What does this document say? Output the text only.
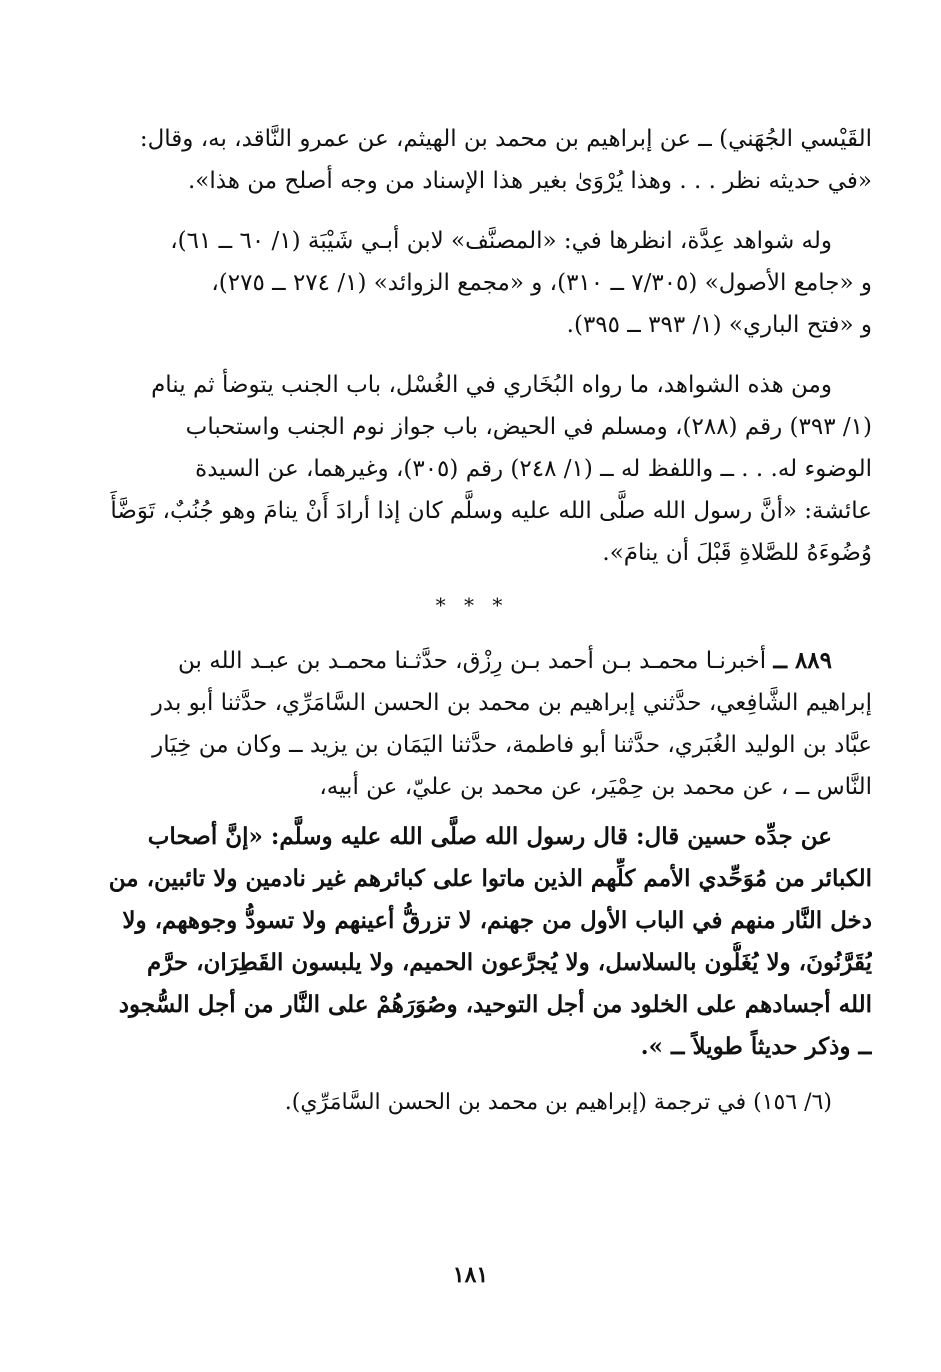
القَيْسي الجُهَني) ــ عن إبراهيم بن محمد بن الهيثم، عن عمرو النَّاقد، به، وقال:
«في حديثه نظر . . . وهذا يُرْوَىٰ بغير هذا الإسناد من وجه أصلح من هذا».
وله شواهد عِدَّة، انظرها في: «المصنَّف» لابن أبـي شَيْبَة (١/ ٦٠ ــ ٦١)،
و «جامع الأصول» (٧/٣٠٥ ــ ٣١٠)، و «مجمع الزوائد» (١/ ٢٧٤ ــ ٢٧٥)،
و «فتح الباري» (١/ ٣٩٣ ــ ٣٩٥).
ومن هذه الشواهد، ما رواه البُخَاري في الغُسْل، باب الجنب يتوضأ ثم ينام
(١/ ٣٩٣) رقم (٢٨٨)، ومسلم في الحيض، باب جواز نوم الجنب واستحباب
الوضوء له. . . ــ واللفظ له ــ (١/ ٢٤٨) رقم (٣٠٥)، وغيرهما، عن السيدة
عائشة: «أنَّ رسول الله صلَّى الله عليه وسلَّم كان إذا أرادَ أَنْ ينامَ وهو جُنُبٌ، تَوَضَّأَ
وُضُوءَهُ للصَّلاةِ قَبْلَ أن ينامَ».
* * *
٨٨٩ ــ أخبرنـا محمـد بـن أحمد بـن رِزْق، حدَّثـنا محمـد بن عبـد الله بن
إبراهيم الشَّافِعي، حدَّثني إبراهيم بن محمد بن الحسن السَّامَرِّي، حدَّثنا أبو بدر
عبَّاد بن الوليد الغُبَري، حدَّثنا أبو فاطمة، حدَّثنا اليَمَان بن يزيد ــ وكان من خِيَار
النَّاس ــ ، عن محمد بن حِمْيَر، عن محمد بن عليّ، عن أبيه،
عن جدِّه حسين قال: قال رسول الله صلَّى الله عليه وسلَّم: «إنَّ أصحاب
الكبائر من مُوَحِّدي الأمم كلِّهم الذين ماتوا على كبائرهم غير نادمين ولا تائبين، من
دخل النَّار منهم في الباب الأول من جهنم، لا تزرقُّ أعينهم ولا تسودُّ وجوههم، ولا
يُقَرَّنُونَ، ولا يُغَلُّون بالسلاسل، ولا يُجرَّعون الحميم، ولا يلبسون القَطِرَان، حرَّم
الله أجسادهم على الخلود من أجل التوحيد، وصُوَرَهُمْ على النَّار من أجل السُّجود
ــ وذكر حديثاً طويلاً ــ ».
(٦/ ١٥٦) في ترجمة (إبراهيم بن محمد بن الحسن السَّامَرِّي).
١٨١
